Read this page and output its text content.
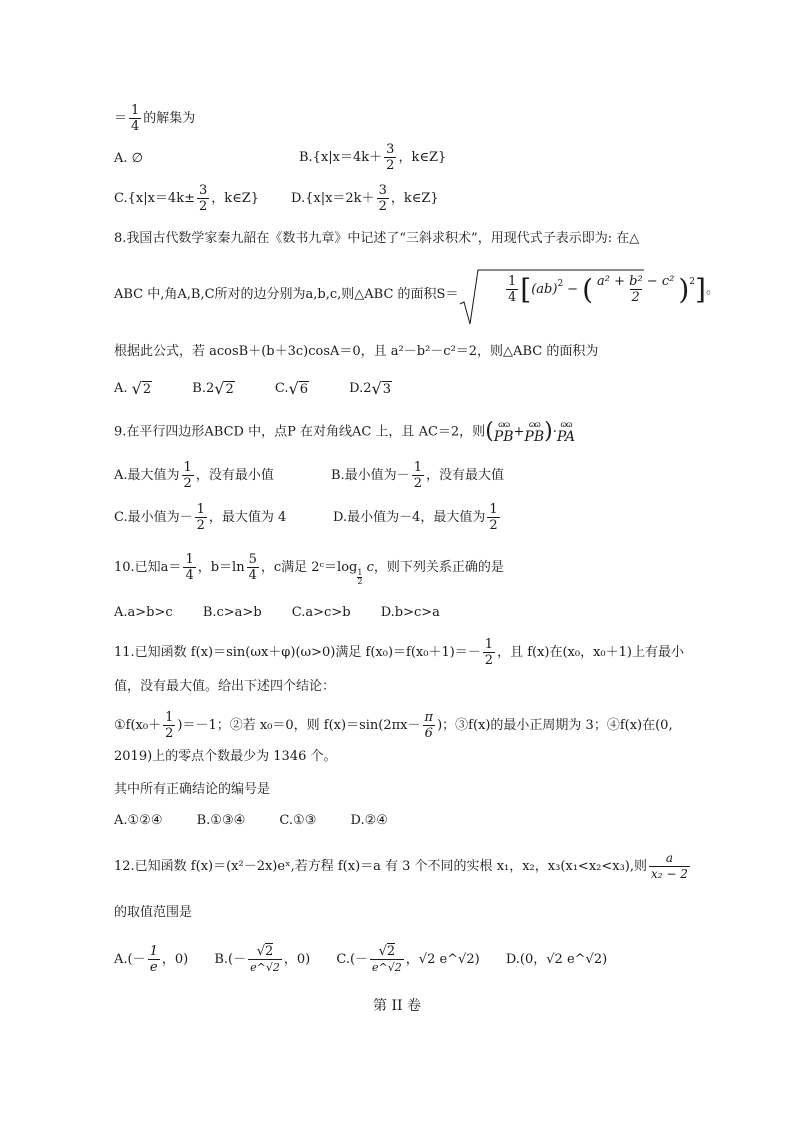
＝ $\frac{1}{4}$ 的解集为
A. ∅	$B.\{x|x=4k+ \frac{3}{2}$ ，k∈Z}
$C.\{x|x=4k\pm \frac{3}{2}$ ，k∈Z} $D.\{x|x=2k+ \frac{3}{2}$ ，k∈Z}
8.我国古代数学家秦九韶在《数书九章》中记述了“三斜求积术”，用现代式子表示即为: 在△
ABC 中,角A,B,C所对的边分别为a,b,c,则△ABC 的面积S＝	$\frac{1}{4}$ [ (ab)$^2$ − ( $\frac{\text{a² + b² − c²}}{2} )^2$ ] 。
根据此公式，若 acosB＋(b＋3c)cosA＝0，且 a²－b²－c²＝2，则△ABC 的面积为
A. √ 2	B.2 √ 2	C. √ 6	D.2 √ 3
9.在平行四边形ABCD 中，点P 在对角线AC 上，且 AC＝2，则( ɷɷ
PB + ɷɷ
PB )· ɷɷ
PA
A.最大值为 $\frac{1}{2}$ ，没有最小值	B.最小值为－ $\frac{1}{2}$ ，没有最大值
C.最小值为－ $\frac{1}{2}$ ，最大值为 4	D.最小值为－4，最大值为 $\frac{1}{2}$
10.已知$a= \frac{1}{4}$ ，$b=\ln \frac{5}{4}$ ，c满足 2ᶜ＝log
$\frac{1}{2}$
c，则下列关系正确的是
A.a>b>c B.c>a>b C.a>c>b D.b>c>a
11.已知函数 f(x)＝sin(ωx＋φ)(ω>0)满足 $f(x_0)=f(x_0+1)=- \frac{1}{2}$ ，且 f(x)在(x₀，x₀＋1)上有最小
值，没有最大值。给出下述四个结论：
①f(x₀＋ $\frac{1}{2} )=-1$；②若 x₀＝0，则 $f(x)=\sin(2\pi x- \frac{\pi}{6}$ )；③f(x)的最小正周期为 3；④f(x)在(0,
2019)上的零点个数最少为 1346 个。
其中所有正确结论的编号是
A.①②④	B.①③④	C.①③	D.②④
12.已知函数 f(x)＝(x²－2x)eˣ,若方程 f(x)＝a 有 3 个不同的实根 x₁，x₂，x₃(x₁<x₂<x₃),则 $\frac{a}{\text{x₂ − 2}}$
的取值范围是
$A.(- \frac{1}{e}$ ，0) $B.(- \frac{√2}{e\^{}√2}$ ，0) $C.(- \frac{√2}{e\^{}√2}$ ，√2 e^√2) D.(0，√2 e^√2)
第 II 卷
